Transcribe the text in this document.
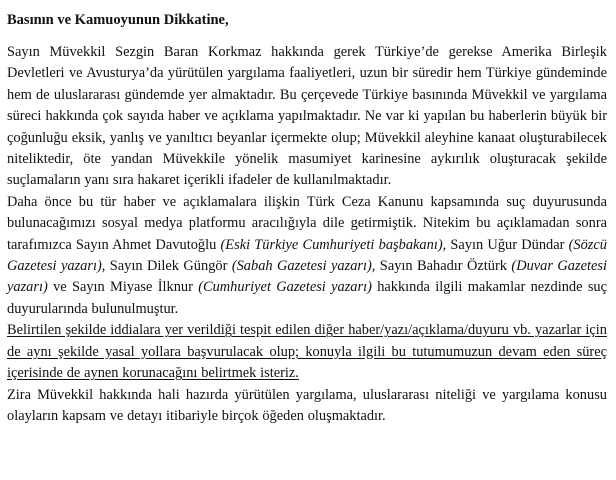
Basının ve Kamuoyunun Dikkatine,

Sayın Müvekkil Sezgin Baran Korkmaz hakkında gerek Türkiye’de gerekse Amerika Birleşik Devletleri ve Avusturya’da yürütülen yargılama faaliyetleri, uzun bir süredir hem Türkiye gündeminde hem de uluslararası gündemde yer almaktadır. Bu çerçevede Türkiye basınında Müvekkil ve yargılama süreci hakkında çok sayıda haber ve açıklama yapılmaktadır. Ne var ki yapılan bu haberlerin büyük bir çoğunluğu eksik, yanlış ve yanıltıcı beyanlar içermekte olup; Müvekkil aleyhine kanaat oluşturabilecek niteliktedir, öte yandan Müvekkile yönelik masumiyet karinesine aykırılık oluşturacak şekilde suçlamaların yanı sıra hakaret içerikli ifadeler de kullanılmaktadır.

Daha önce bu tür haber ve açıklamalara ilişkin Türk Ceza Kanunu kapsamında suç duyurusunda bulunacağımızı sosyal medya platformu aracılığıyla dile getirmiştik. Nitekim bu açıklamadan sonra tarafımızca Sayın Ahmet Davutoğlu (Eski Türkiye Cumhuriyeti başbakanı), Sayın Uğur Dündar (Sözcü Gazetesi yazarı), Sayın Dilek Güngör (Sabah Gazetesi yazarı), Sayın Bahadır Öztürk (Duvar Gazetesi yazarı) ve Sayın Miyase İlknur (Cumhuriyet Gazetesi yazarı) hakkında ilgili makamlar nezdinde suç duyurularında bulunulmuştur.

Belirtilen şekilde iddialara yer verildiği tespit edilen diğer haber/yazı/açıklama/duyuru vb. yazarlar için de aynı şekilde yasal yollara başvurulacak olup; konuyla ilgili bu tutumumuzun devam eden süreç içerisinde de aynen korunacağını belirtmek isteriz.

Zira Müvekkil hakkında hali hazırda yürütülen yargılama, uluslararası niteliği ve yargılama konusu olayların kapsam ve detayı itibariyle birçok öğeden oluşmaktadır.
